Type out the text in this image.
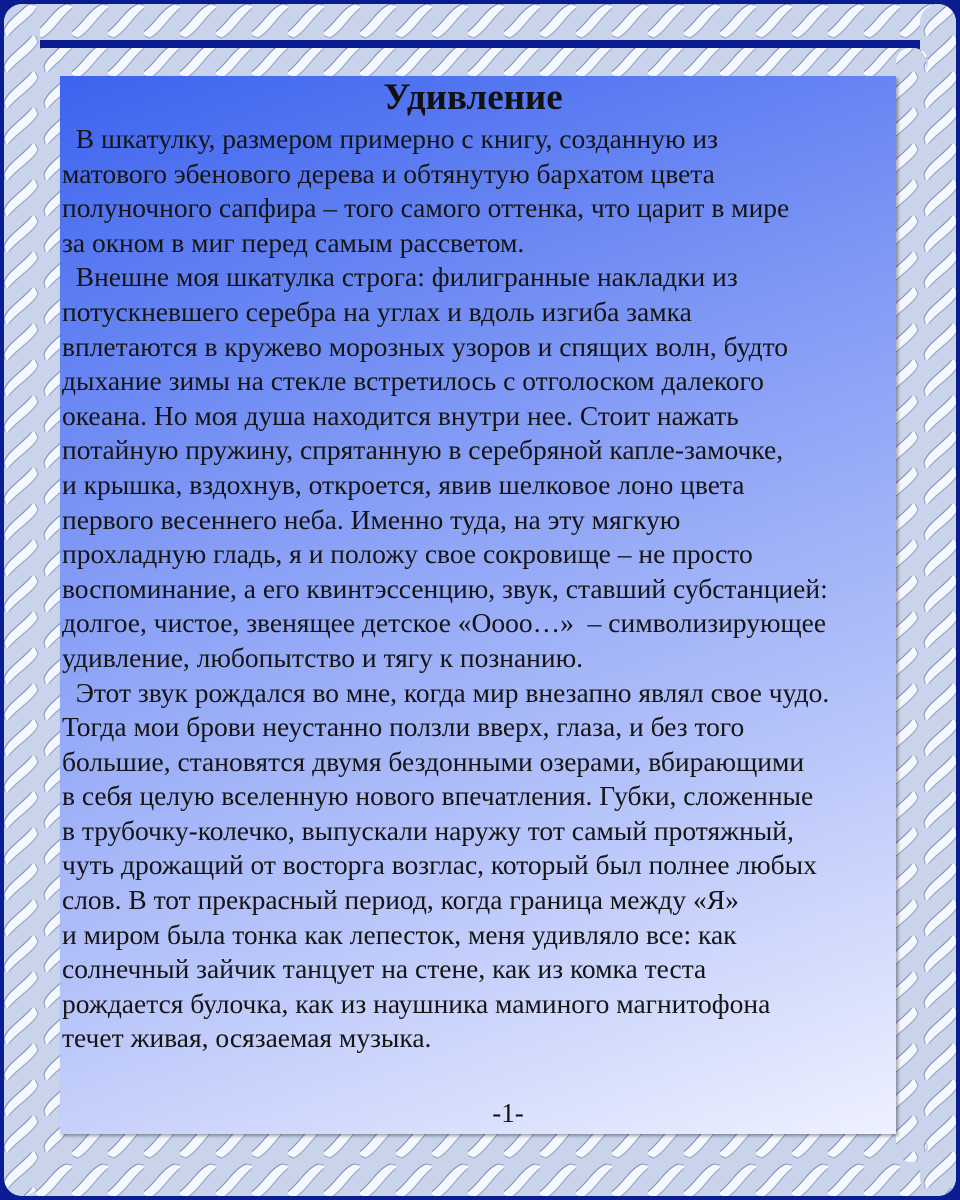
Удивление
В шкатулку, размером примерно с книгу, созданную из
матового эбенового дерева и обтянутую бархатом цвета
полуночного сапфира – того самого оттенка, что царит в мире
за окном в миг перед самым рассветом.
Внешне моя шкатулка строга: филигранные накладки из
потускневшего серебра на углах и вдоль изгиба замка
вплетаются в кружево морозных узоров и спящих волн, будто
дыхание зимы на стекле встретилось с отголоском далекого
океана. Но моя душа находится внутри нее. Стоит нажать
потайную пружину, спрятанную в серебряной капле-замочке,
и крышка, вздохнув, откроется, явив шелковое лоно цвета
первого весеннего неба. Именно туда, на эту мягкую
прохладную гладь, я и положу свое сокровище – не просто
воспоминание, а его квинтэссенцию, звук, ставший субстанцией:
долгое, чистое, звенящее детское «Оооо…»  – символизирующее
удивление, любопытство и тягу к познанию.
Этот звук рождался во мне, когда мир внезапно являл свое чудо.
Тогда мои брови неустанно ползли вверх, глаза, и без того
большие, становятся двумя бездонными озерами, вбирающими
в себя целую вселенную нового впечатления. Губки, сложенные
в трубочку-колечко, выпускали наружу тот самый протяжный,
чуть дрожащий от восторга возглас, который был полнее любых
слов. В тот прекрасный период, когда граница между «Я»
и миром была тонка как лепесток, меня удивляло все: как
солнечный зайчик танцует на стене, как из комка теста
рождается булочка, как из наушника маминого магнитофона
течет живая, осязаемая музыка.
-1-
